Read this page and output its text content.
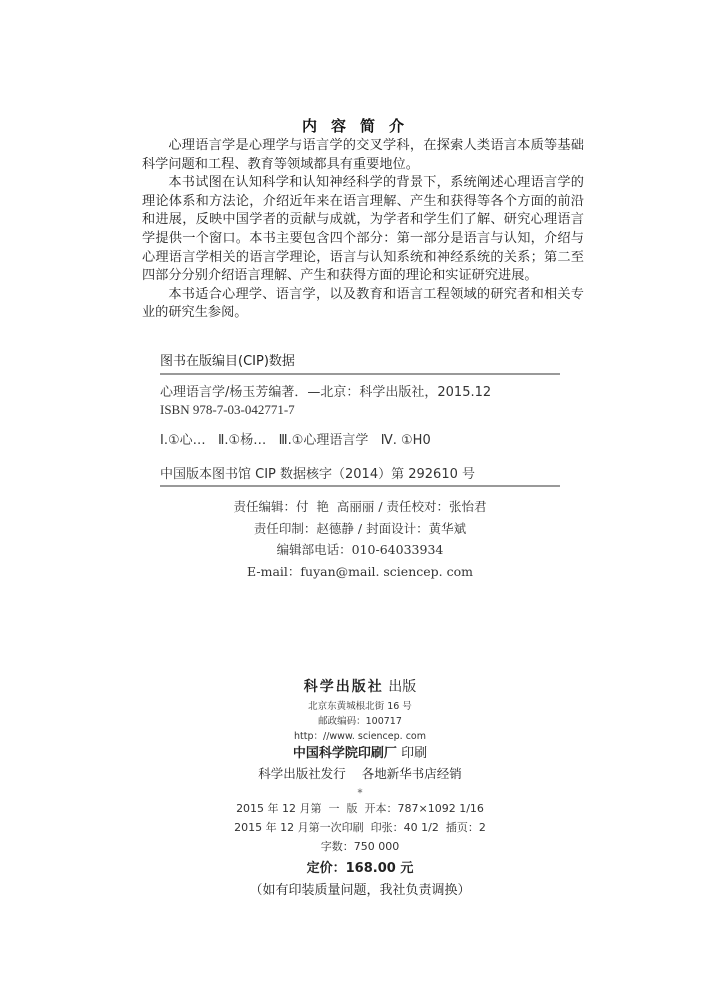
内容简介

心理语言学是心理学与语言学的交叉学科，在探索人类语言本质等基础科学问题和工程、教育等领域都具有重要地位。

本书试图在认知科学和认知神经科学的背景下，系统阐述心理语言学的理论体系和方法论，介绍近年来在语言理解、产生和获得等各个方面的前沿和进展，反映中国学者的贡献与成就，为学者和学生们了解、研究心理语言学提供一个窗口。本书主要包含四个部分：第一部分是语言与认知，介绍与心理语言学相关的语言学理论，语言与认知系统和神经系统的关系；第二至四部分分别介绍语言理解、产生和获得方面的理论和实证研究进展。

本书适合心理学、语言学，以及教育和语言工程领域的研究者和相关专业的研究生参阅。

图书在版编目(CIP)数据
心理语言学/杨玉芳编著．—北京：科学出版社，2015.12
ISBN 978-7-03-042771-7
Ⅰ.①心…   Ⅱ.①杨…   Ⅲ.①心理语言学   Ⅳ. ①H0
中国版本图书馆 CIP 数据核字（2014）第 292610 号
责任编辑：付  艳  高丽丽 / 责任校对：张怡君
责任印制：赵德静 / 封面设计：黄华斌
编辑部电话：010-64033934
E-mail：fuyan@mail. sciencep. com
科学出版社 出版
北京东黄城根北街 16 号
邮政编码：100717
http：//www. sciencep. com
中国科学院印刷厂 印刷
科学出版社发行    各地新华书店经销
*
2015 年 12 月第  一  版  开本：787×1092 1/16
2015 年 12 月第一次印刷  印张：40 1/2  插页：2
字数：750 000
定价：168.00 元
（如有印装质量问题，我社负责调换）
